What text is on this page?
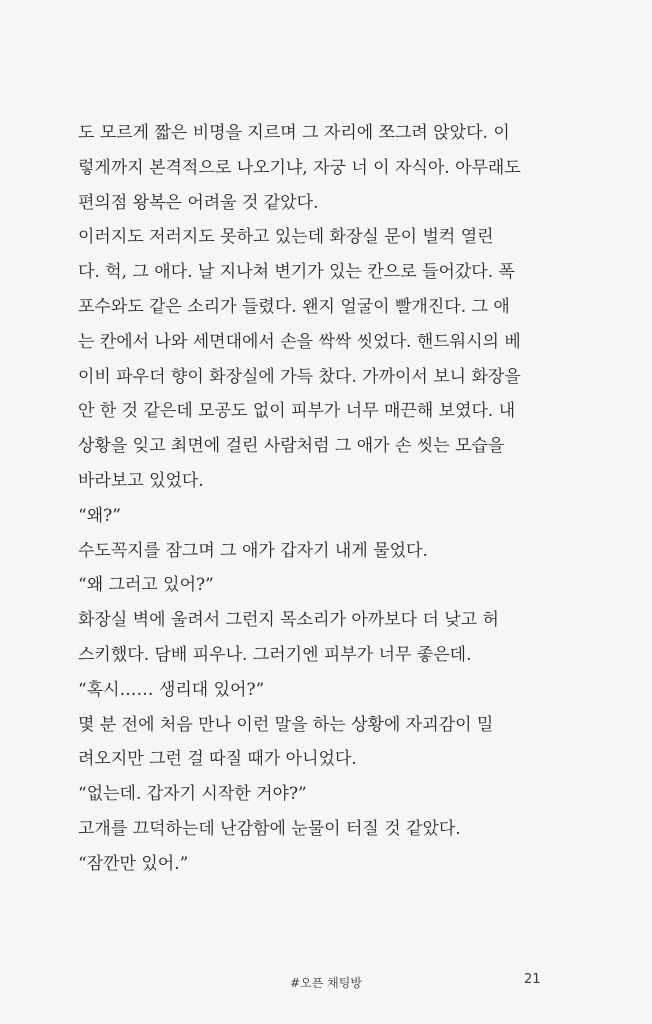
도 모르게 짧은 비명을 지르며 그 자리에 쪼그려 앉았다. 이
렇게까지 본격적으로 나오기냐, 자궁 너 이 자식아. 아무래도
편의점 왕복은 어려울 것 같았다.
이러지도 저러지도 못하고 있는데 화장실 문이 벌컥 열린
다. 헉, 그 애다. 날 지나쳐 변기가 있는 칸으로 들어갔다. 폭
포수와도 같은 소리가 들렸다. 왠지 얼굴이 빨개진다. 그 애
는 칸에서 나와 세면대에서 손을 싹싹 씻었다. 핸드워시의 베
이비 파우더 향이 화장실에 가득 찼다. 가까이서 보니 화장을
안 한 것 같은데 모공도 없이 피부가 너무 매끈해 보였다. 내
상황을 잊고 최면에 걸린 사람처럼 그 애가 손 씻는 모습을
바라보고 있었다.
“왜?”
수도꼭지를 잠그며 그 애가 갑자기 내게 물었다.
“왜 그러고 있어?”
화장실 벽에 울려서 그런지 목소리가 아까보다 더 낮고 허
스키했다. 담배 피우나. 그러기엔 피부가 너무 좋은데.
“혹시…… 생리대 있어?”
몇 분 전에 처음 만나 이런 말을 하는 상황에 자괴감이 밀
려오지만 그런 걸 따질 때가 아니었다.
“없는데. 갑자기 시작한 거야?”
고개를 끄덕하는데 난감함에 눈물이 터질 것 같았다.
“잠깐만 있어.”
#오픈 채팅방	21
